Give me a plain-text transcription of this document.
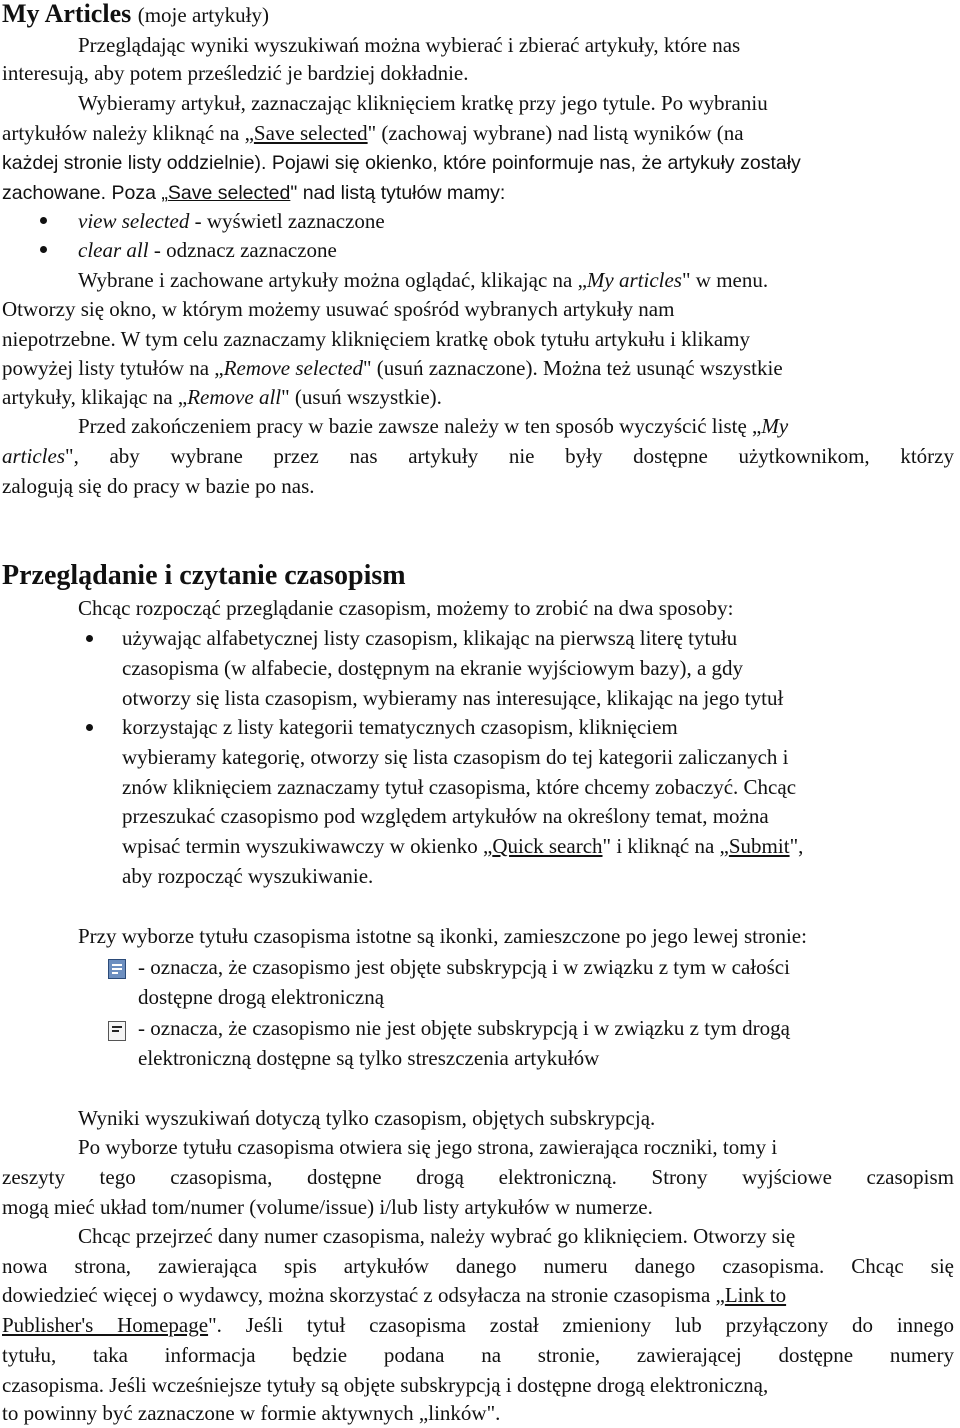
My Articles (moje artykuły)
Przeglądając wyniki wyszukiwań można wybierać i zbierać artykuły, które nas
interesują, aby potem prześledzić je bardziej dokładnie.
Wybieramy artykuł, zaznaczając kliknięciem kratkę przy jego tytule. Po wybraniu
artykułów należy kliknąć na „Save selected" (zachowaj wybrane) nad listą wyników (na
każdej stronie listy oddzielnie). Pojawi się okienko, które poinformuje nas, że artykuły zostały
zachowane. Poza „Save selected" nad listą tytułów mamy:
view selected - wyświetl zaznaczone
clear all - odznacz zaznaczone
Wybrane i zachowane artykuły można oglądać, klikając na „My articles" w menu.
Otworzy się okno, w którym możemy usuwać spośród wybranych artykuły nam
niepotrzebne. W tym celu zaznaczamy kliknięciem kratkę obok tytułu artykułu i klikamy
powyżej listy tytułów na „Remove selected" (usuń zaznaczone). Można też usunąć wszystkie
artykuły, klikając na „Remove all" (usuń wszystkie).
Przed zakończeniem pracy w bazie zawsze należy w ten sposób wyczyścić listę „My
articles", aby wybrane przez nas artykuły nie były dostępne użytkownikom, którzy
zalogują się do pracy w bazie po nas.
Przeglądanie i czytanie czasopism
Chcąc rozpocząć przeglądanie czasopism, możemy to zrobić na dwa sposoby:
używając alfabetycznej listy czasopism, klikając na pierwszą literę tytułu
czasopisma (w alfabecie, dostępnym na ekranie wyjściowym bazy), a gdy
otworzy się lista czasopism, wybieramy nas interesujące, klikając na jego tytuł
korzystając z listy kategorii tematycznych czasopism, kliknięciem
wybieramy kategorię, otworzy się lista czasopism do tej kategorii zaliczanych i
znów kliknięciem zaznaczamy tytuł czasopisma, które chcemy zobaczyć. Chcąc
przeszukać czasopismo pod względem artykułów na określony temat, można
wpisać termin wyszukiwawczy w okienko „Quick search" i kliknąć na „Submit",
aby rozpocząć wyszukiwanie.
Przy wyborze tytułu czasopisma istotne są ikonki, zamieszczone po jego lewej stronie:
- oznacza, że czasopismo jest objęte subskrypcją i w związku z tym w całości
dostępne drogą elektroniczną
- oznacza, że czasopismo nie jest objęte subskrypcją i w związku z tym drogą
elektroniczną dostępne są tylko streszczenia artykułów
Wyniki wyszukiwań dotyczą tylko czasopism, objętych subskrypcją.
Po wyborze tytułu czasopisma otwiera się jego strona, zawierająca roczniki, tomy i
zeszyty tego czasopisma, dostępne drogą elektroniczną. Strony wyjściowe czasopism
mogą mieć układ tom/numer (volume/issue) i/lub listy artykułów w numerze.
Chcąc przejrzeć dany numer czasopisma, należy wybrać go kliknięciem. Otworzy się
nowa strona, zawierająca spis artykułów danego numeru danego czasopisma. Chcąc się
dowiedzieć więcej o wydawcy, można skorzystać z odsyłacza na stronie czasopisma „Link to
Publisher's Homepage". Jeśli tytuł czasopisma został zmieniony lub przyłączony do innego
tytułu, taka informacja będzie podana na stronie, zawierającej dostępne numery
czasopisma. Jeśli wcześniejsze tytuły są objęte subskrypcją i dostępne drogą elektroniczną,
to powinny być zaznaczone w formie aktywnych „linków".
